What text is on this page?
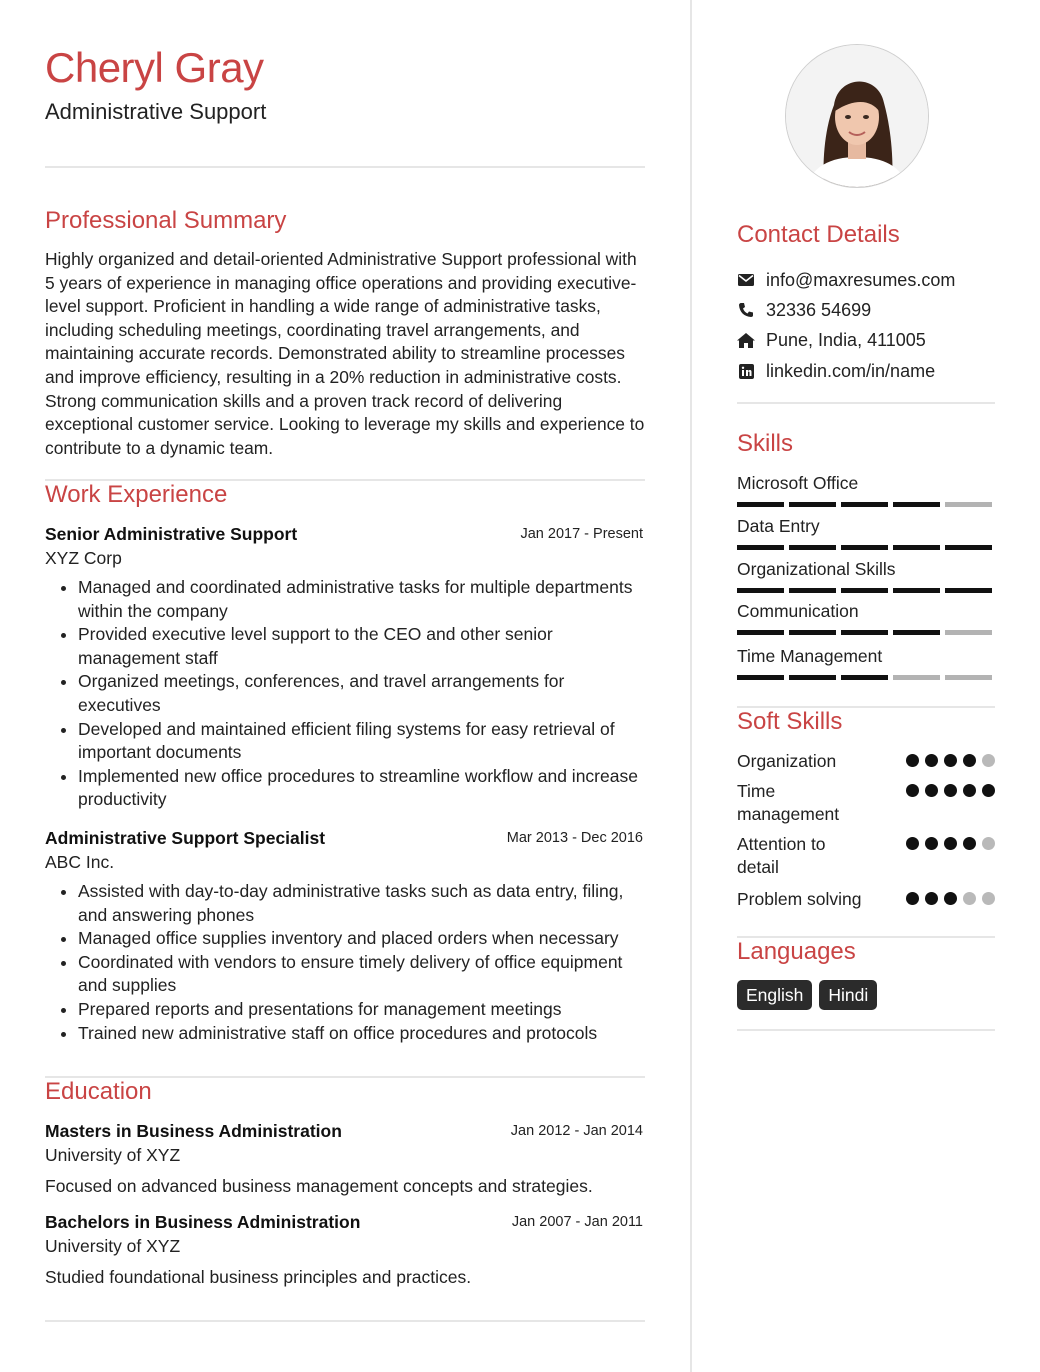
Cheryl Gray
Administrative Support
Professional Summary
Highly organized and detail-oriented Administrative Support professional with 5 years of experience in managing office operations and providing executive-level support. Proficient in handling a wide range of administrative tasks, including scheduling meetings, coordinating travel arrangements, and maintaining accurate records. Demonstrated ability to streamline processes and improve efficiency, resulting in a 20% reduction in administrative costs. Strong communication skills and a proven track record of delivering exceptional customer service. Looking to leverage my skills and experience to contribute to a dynamic team.
Work Experience
Senior Administrative Support	Jan 2017 - Present
XYZ Corp
• Managed and coordinated administrative tasks for multiple departments within the company
• Provided executive level support to the CEO and other senior management staff
• Organized meetings, conferences, and travel arrangements for executives
• Developed and maintained efficient filing systems for easy retrieval of important documents
• Implemented new office procedures to streamline workflow and increase productivity
Administrative Support Specialist	Mar 2013 - Dec 2016
ABC Inc.
• Assisted with day-to-day administrative tasks such as data entry, filing, and answering phones
• Managed office supplies inventory and placed orders when necessary
• Coordinated with vendors to ensure timely delivery of office equipment and supplies
• Prepared reports and presentations for management meetings
• Trained new administrative staff on office procedures and protocols
Education
Masters in Business Administration	Jan 2012 - Jan 2014
University of XYZ
Focused on advanced business management concepts and strategies.
Bachelors in Business Administration	Jan 2007 - Jan 2011
University of XYZ
Studied foundational business principles and practices.
Contact Details
info@maxresumes.com
32336 54699
Pune, India, 411005
linkedin.com/in/name
Skills
Microsoft Office
Data Entry
Organizational Skills
Communication
Time Management
Soft Skills
Organization
Time management
Attention to detail
Problem solving
Languages
English	Hindi
